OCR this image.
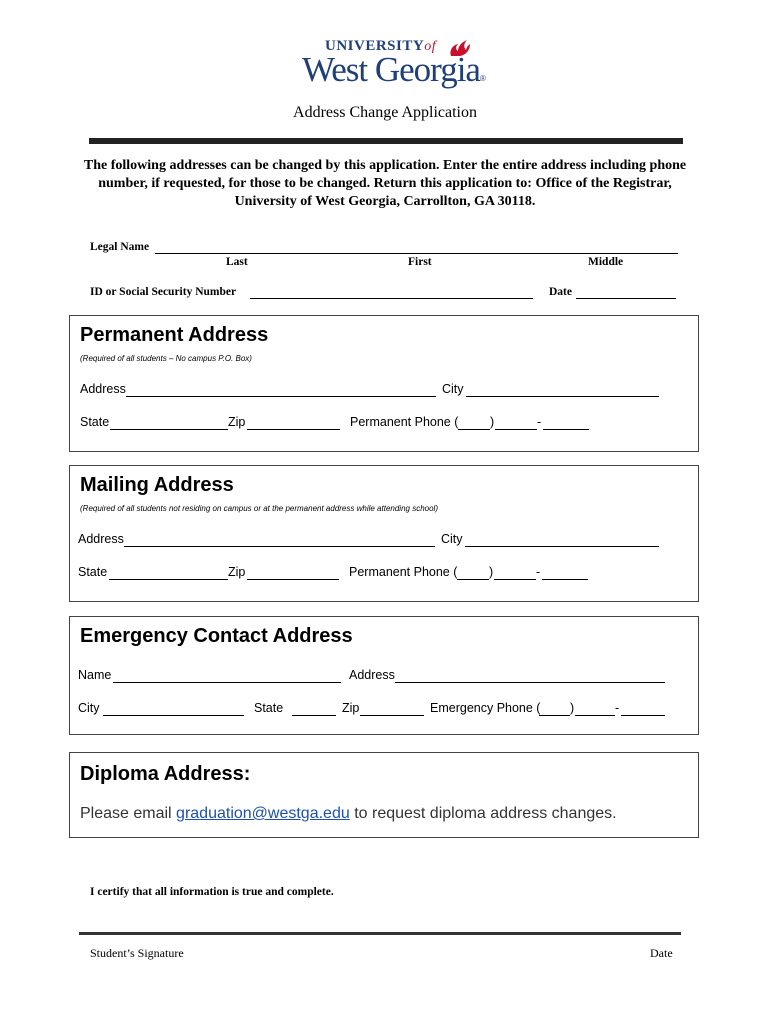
UNIVERSITYof
West Georgia ®
Address Change Application
The following addresses can be changed by this application. Enter the entire address including phone number, if requested, for those to be changed. Return this application to: Office of the Registrar, University of West Georgia, Carrollton, GA 30118.
Legal Name
Last	First	Middle
ID or Social Security Number	Date
Permanent Address
(Required of all students – No campus P.O. Box)
Address	City
State	Zip	Permanent Phone (	)	-
Mailing Address
(Required of all students not residing on campus or at the permanent address while attending school)
Address	City
State	Zip	Permanent Phone (	)	-
Emergency Contact Address
Name	Address
City	State	Zip	Emergency Phone ( )	-
Diploma Address:
Please email graduation@westga.edu to request diploma address changes.
I certify that all information is true and complete.
Student’s Signature	Date
